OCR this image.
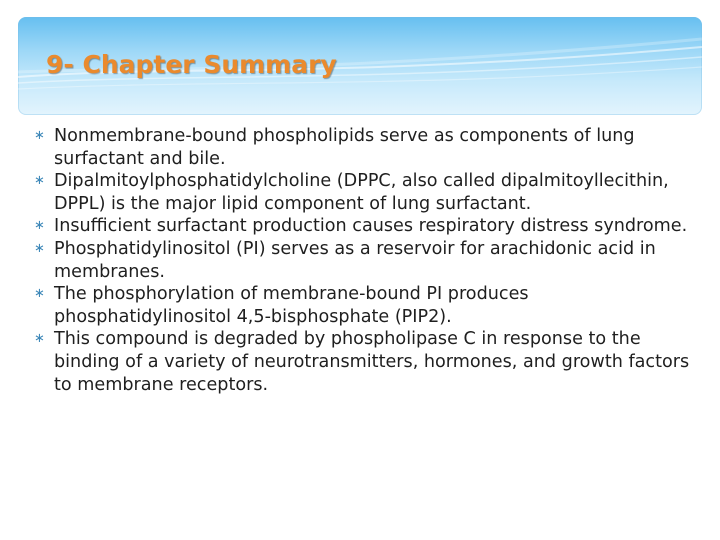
9- Chapter Summary
∗ Nonmembrane-bound phospholipids serve as components of lung surfactant and bile.
∗ Dipalmitoylphosphatidylcholine (DPPC, also called dipalmitoyllecithin, DPPL) is the major lipid component of lung surfactant.
∗ Insufficient surfactant production causes respiratory distress syndrome.
∗ Phosphatidylinositol (PI) serves as a reservoir for arachidonic acid in membranes.
∗ The phosphorylation of membrane-bound PI produces phosphatidylinositol 4,5-bisphosphate (PIP2).
∗ This compound is degraded by phospholipase C in response to the binding of a variety of neurotransmitters, hormones, and growth factors to membrane receptors.
